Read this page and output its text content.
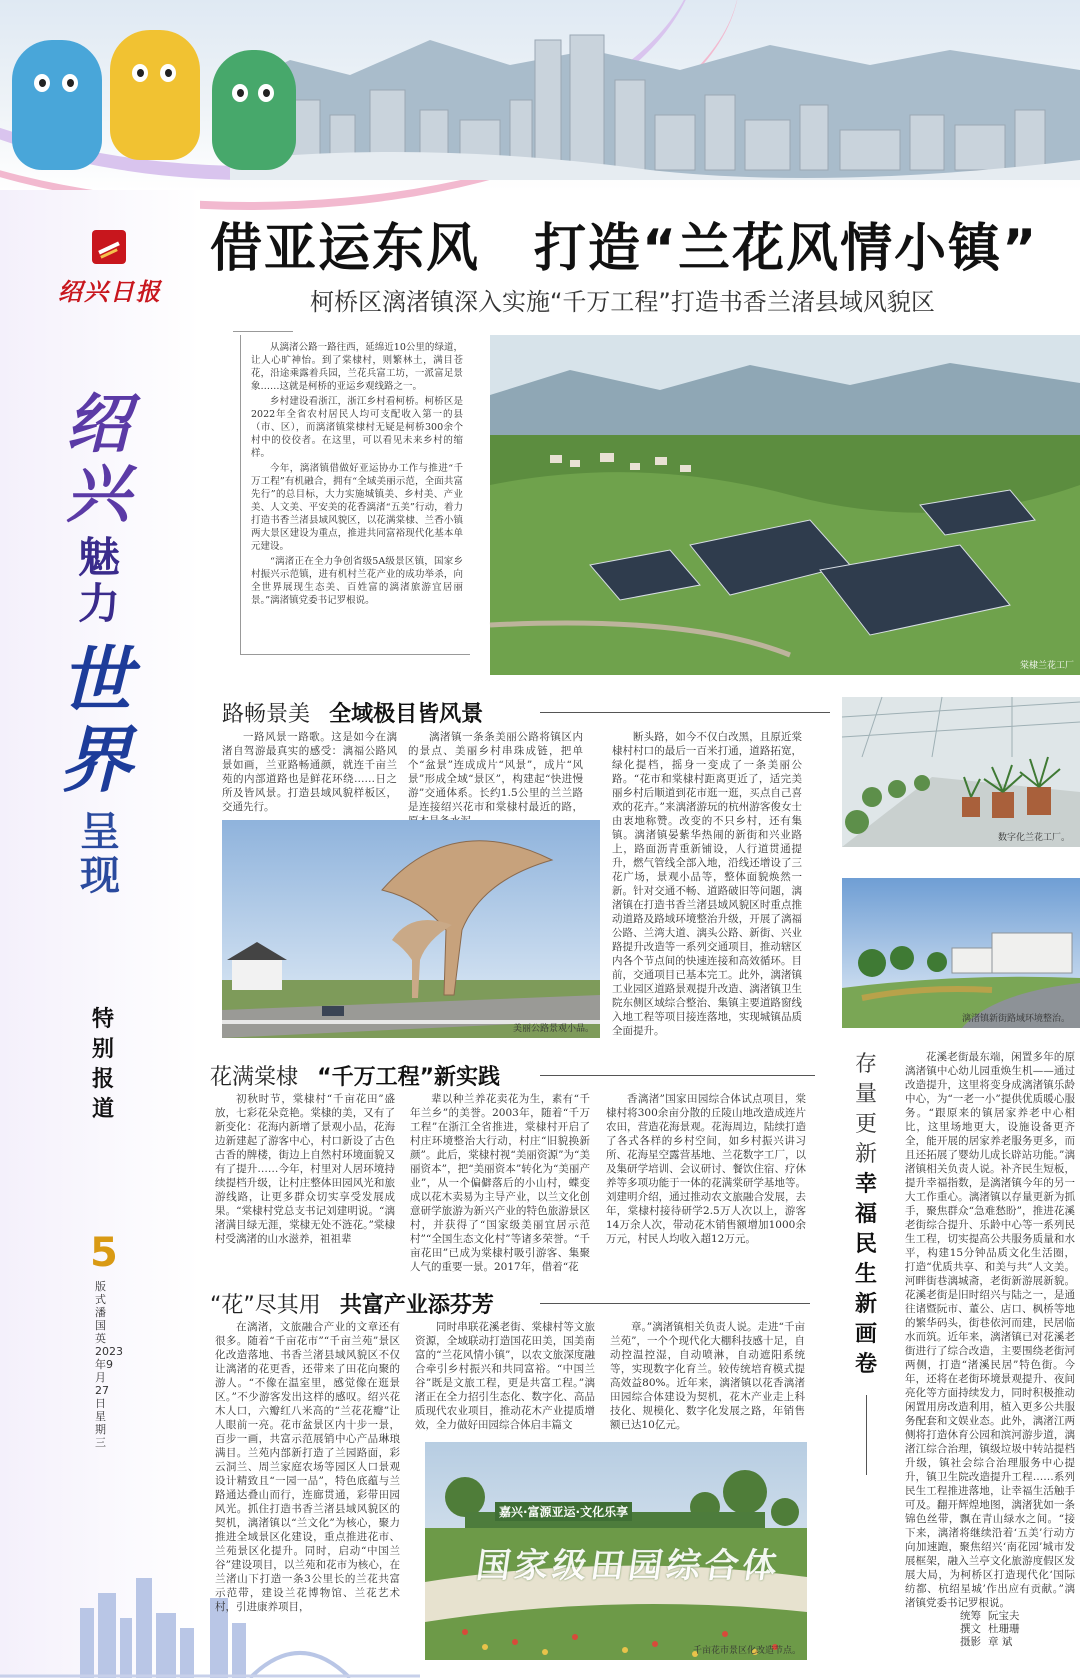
绍兴日报
绍兴
魅力
世界
呈现
特别报道
5
版式 潘国英 2023年9月27日 星期三
借亚运东风　打造“兰花风情小镇”
柯桥区漓渚镇深入实施“千万工程”打造书香兰渚县域风貌区

从漓渚公路一路往西，延绵近10公里的绿道，让人心旷神怡。到了棠棣村，则繁林土，满目苍花，沿途乘露着兵园，兰花兵富工坊，一派富足景象……这就是柯桥的亚运乡观线路之一。

乡村建设看浙江，浙江乡村看柯桥。柯桥区是2022年全省农村居民人均可支配收入第一的县（市、区），而漓渚镇棠棣村无疑是柯桥300余个村中的佼佼者。在这里，可以看见未来乡村的缩样。

今年，漓渚镇借做好亚运协办工作与推进“千万工程”有机融合，拥有“全域美丽示范，全面共富先行”的总目标，大力实施城镇美、乡村美、产业美、人文美、平安美的花香漓渚“五美”行动，着力打造书香兰渚县域风貌区，以花满棠棣、兰香小镇两大景区建设为重点，推进共同富裕现代化基本单元建设。

“漓渚正在全力争创省级5A级景区镇，国家乡村振兴示范镇，进有机村兰花产业的成功举杀，向全世界展现生态美、百姓富的漓渚旅游宜居丽景。”漓渚镇党委书记罗根说。

棠棣兰花工厂
路畅景美 全域极目皆风景

一路风景一路歌。这是如今在漓渚自驾游最真实的感受：漓福公路风景如画，兰亚路畅通颜，就连千亩兰苑的内部道路也是鲜花环绕……日之所及皆风景。打造县域风貌样板区，交通先行。

漓渚镇一条条美丽公路将镇区内的景点、美丽乡村串珠成链，把单个“盆景”连成成片“风景”，成片“风景”形成全域“景区”，构建起“快进慢游”交通体系。长约1.5公里的兰兰路是连接绍兴花市和棠棣村最近的路，

美丽公路景观小品。

断头路，如今不仅白改黑，且原近棠棣村村口的最后一百米打通，道路拓宽，绿化提档，摇身一变成了一条美丽公路。“花市和棠棣村距离更近了，适完美丽乡村后顺道到花市逛一逛，买点自己喜欢的花卉。”来漓渚游玩的杭州游客俊女士由衷地称赞。改变的不只乡村，还有集镇。漓渚镇晏紫华热闹的新街和兴业路上，路面沥青重新铺设，人行道贯通提升，燃气管线全部入地，沿线还增设了三花广场，景观小品等，整体面貌焕然一新。针对交通不畅、道路破旧等问题，漓渚镇在打造书香兰渚县域风貌区时重点推动道路及路域环境整治升级，开展了漓福公路、兰湾大道、漓头公路、新街、兴业路提升改造等一系列交通项目，推动辖区内各个节点间的快速连接和高效循环。目前，交通项目已基本完工。此外，漓渚镇工业园区道路景观提升改造、漓渚镇卫生院东侧区域综合整治、集镇主要道路窗线入地工程等项目接连落地，实现城镇品质全面提升。

数字化兰花工厂。
漓渚镇新街路域环境整治。
花满棠棣 “千万工程”新实践

初秋时节，棠棣村“千亩花田”盛放，七彩花朵竞艳。棠棣的美，又有了新变化：花海内新增了景观小品，花海边新建起了游客中心，村口新设了古色古香的牌楼，街边上自然村环境面貌又有了提升……今年，村里对人居环境持续提档升级，让村庄整体田园风光和旅游线路，让更多群众切实享受发展成果。“棠棣村党总支书记刘建明说。“漓渚满目绿无涯，棠棣无处不涟花。”棠棣村受漓渚的山水滋养，祖祖辈

辈以种兰养花卖花为生，素有“千年兰乡”的美誉。2003年，随着“千万工程”在浙江全省推进，棠棣村开启了村庄环境整治大行动，村庄“旧貌换新颜”。此后，棠棣村视“美丽资源”为“美丽资本”，把“美丽资本”转化为“美丽产业”，从一个偏僻落后的小山村，蝶变成以花木卖易为主导产业，以兰文化创意研学旅游为新兴产业的特色旅游景区村，并获得了“国家级美丽宜居示范村”“全国生态文化村”等诸多荣誉。“千亩花田”已成为棠棣村吸引游客、集聚人气的重要一景。2017年，借着“花

香漓渚”国家田园综合体试点项目，棠棣村将300余亩分散的丘陵山地改造成连片农田，营造花海景观。花海周边，陆续打造了各式各样的乡村空间，如乡村振兴讲习所、花海星空露营基地、兰花数字工厂，以及集研学培训、会议研讨、餐饮住宿、疗休养等多项功能于一体的花满棠研学基地等。刘建明介绍，通过推动农文旅融合发展，去年，棠棣村接待研学2.5万人次以上，游客14万余人次，带动花木销售额增加1000余万元，村民人均收入超12万元。

“花”尽其用 共富产业添芬芳

在漓渚，文旅融合产业的文章还有很多。随着“千亩花市”“千亩兰苑”景区化改造落地、书香兰渚县域风貌区不仅让漓渚的花更香，还带来了田花向聚的游人。“不像在温室里，感觉像在逛景区。”不少游客发出这样的感叹。绍兴花木人口，六瓣红八米高的“兰花花瓣”让人眼前一亮。花市盆景区内十步一景，百步一画，共富示范展销中心产品琳琅满目。兰苑内部新打造了兰园路面，彩云洞兰、周兰家庭农场等园区人口景观设计精致且“一园一品”，特色底蕴与兰路通达叠山而行，连廊贯通，彩带田园风光。抓住打造书香兰渚县域风貌区的契机，漓渚镇以“兰文化”为核心，聚力推进全域景区化建设，重点推进花市、兰苑景区化提升。同时，启动“中国兰谷”建设项目，以兰苑和花市为核心，在兰渚山下打造一条3公里长的兰花共富示范带，建设兰花博物馆、兰花艺术村，引进康养项目，

同时串联花溪老街、棠棣村等文旅资源，全域联动打造国花田美，国美南富的“兰花风情小镇”，以农文旅深度融合牵引乡村振兴和共同富裕。“中国兰谷”既是文旅工程，更是共富工程。”漓渚正在全力招引生态化、数字化、高品质现代农业项目，推动花木产业提质增效，全力做好田园综合体启丰篇文

章。”漓渚镇相关负责人说。走进“千亩兰苑”，一个个现代化大棚科技感十足，自动控温控湿，自动喷淋，自动遮阳系统等，实现数字化育兰。较传统培育模式提高效益80%。近年来，漓渚镇以花香漓渚田园综合体建设为契机，花木产业走上科技化、规模化、数字化发展之路，年销售额已达10亿元。

嘉兴·富源亚运·文化乐享
国家级田园综合体
千亩花市景区化改造节点。
存量更新
幸福民生新画卷

花溪老街最东端，闲置多年的原漓渚镇中心幼儿园重焕生机——通过改造提升，这里将变身成漓渚镇乐龄中心，为“一老一小”提供优质暖心服务。“跟原来的镇居家养老中心相比，这里场地更大，设施设备更齐全，能开展的居家养老服务更多，而且还拓展了婴幼儿成长辟站功能。”漓渚镇相关负责人说。补齐民生短板，提升幸福指数，是漓渚镇今年的另一大工作重心。漓渚镇以存量更新为抓手，聚焦群众“急难愁盼”，推进花溪老街综合提升、乐龄中心等一系列民生工程，切实提高公共服务质量和水平，构建15分钟品质文化生活圈，打造“优质共享、和美与共”人文美。河畔街巷漓城斋，老街新游展新貌。花溪老街是旧时绍兴与陆之一，是通往诸暨阮市、董公、店口、枫桥等地的繁华码头，街巷依河而建，民居临水而筑。近年来，漓渚镇已对花溪老街进行了综合改造，主要围绕老街河两侧，打造“渚溪民居”特色街。今年，还将在老街环境景观提升、夜间亮化等方面持续发力，同时积极推动闲置用房改造利用，植入更多公共服务配套和文娱业态。此外，漓渚江两侧将打造休育公园和滨河游步道，漓渚江综合治理，镇级垃圾中转站提档升级，镇社会综合治理服务中心提升，镇卫生院改造提升工程……系列民生工程推进落地，让幸福生活触手可及。翻开辉煌地图，漓渚犹如一条锦色丝带，飘在青山绿水之间。“接下来，漓渚将继续沿着‘五美’行动方向加速跑，聚焦绍兴‘南花园’城市发展框架，融入兰亭文化旅游度假区发展大局，为柯桥区打造现代化‘国际纺都、杭绍星城’作出应有贡献。”漓渚镇党委书记罗根说。

统筹 阮宝夫
撰文 杜珊珊
摄影 章 斌
